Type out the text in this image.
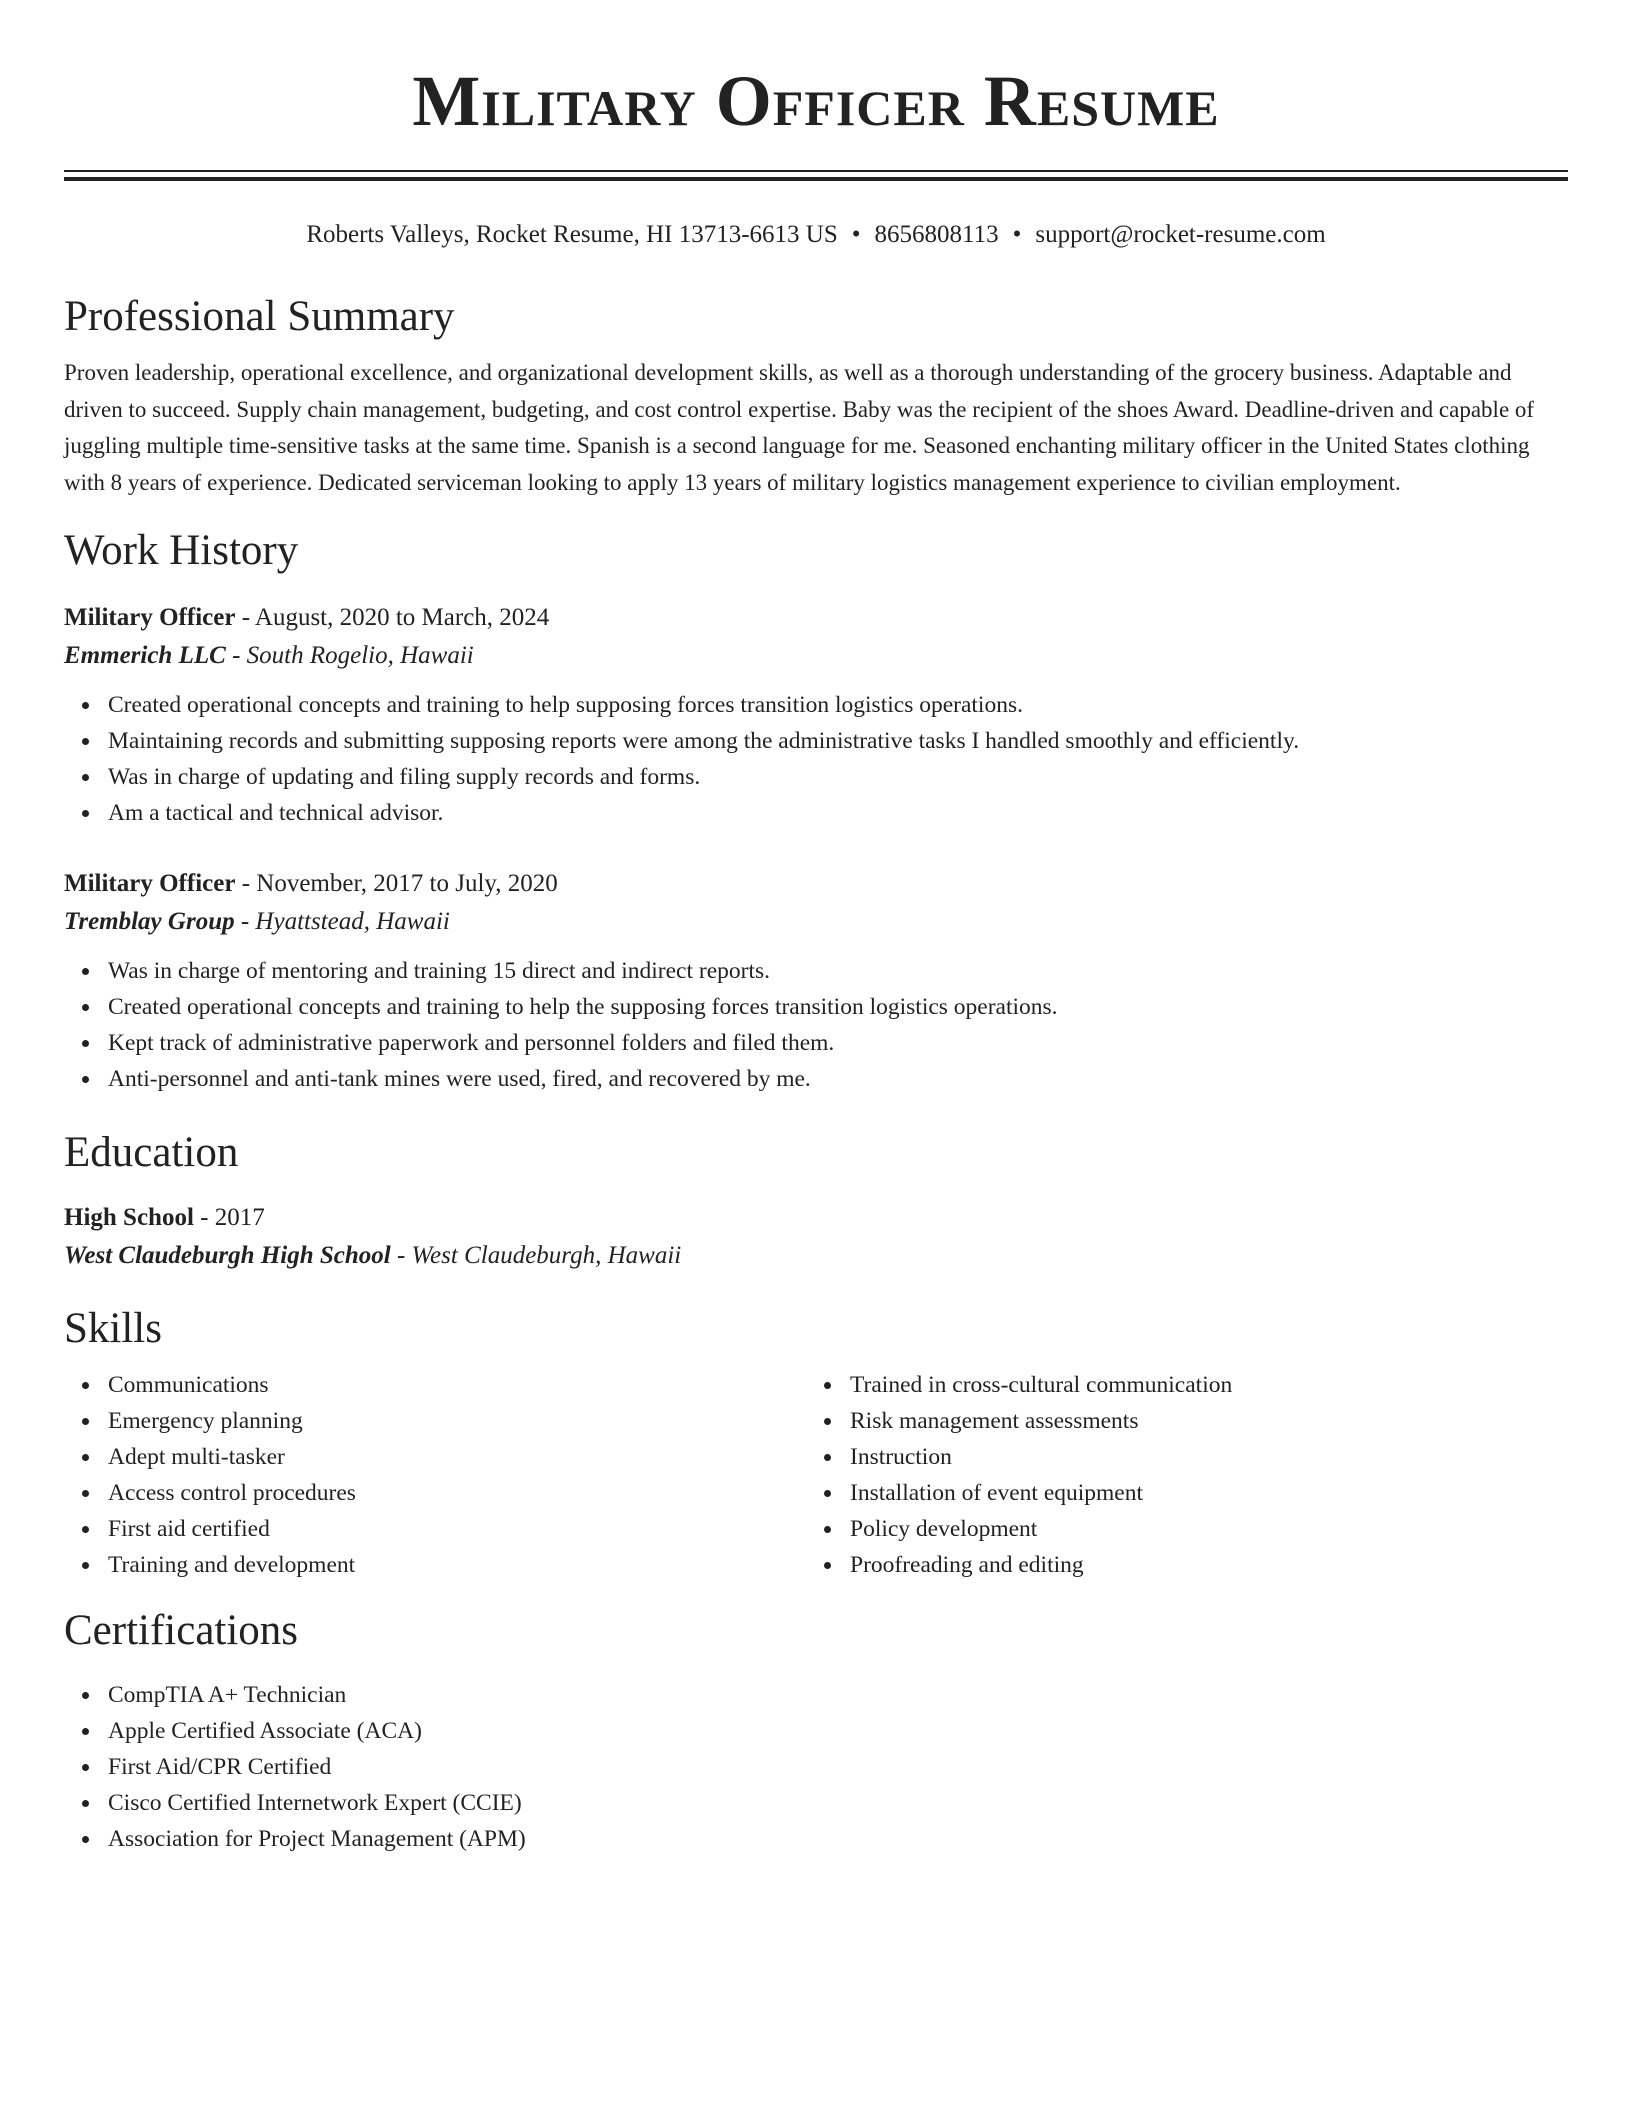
Military Officer Resume
Roberts Valleys, Rocket Resume, HI 13713-6613 US • 8656808113 • support@rocket-resume.com
Professional Summary
Proven leadership, operational excellence, and organizational development skills, as well as a thorough understanding of the grocery business. Adaptable and driven to succeed. Supply chain management, budgeting, and cost control expertise. Baby was the recipient of the shoes Award. Deadline-driven and capable of juggling multiple time-sensitive tasks at the same time. Spanish is a second language for me. Seasoned enchanting military officer in the United States clothing with 8 years of experience. Dedicated serviceman looking to apply 13 years of military logistics management experience to civilian employment.
Work History
Military Officer - August, 2020 to March, 2024
Emmerich LLC - South Rogelio, Hawaii
Created operational concepts and training to help supposing forces transition logistics operations.
Maintaining records and submitting supposing reports were among the administrative tasks I handled smoothly and efficiently.
Was in charge of updating and filing supply records and forms.
Am a tactical and technical advisor.
Military Officer - November, 2017 to July, 2020
Tremblay Group - Hyattstead, Hawaii
Was in charge of mentoring and training 15 direct and indirect reports.
Created operational concepts and training to help the supposing forces transition logistics operations.
Kept track of administrative paperwork and personnel folders and filed them.
Anti-personnel and anti-tank mines were used, fired, and recovered by me.
Education
High School - 2017
West Claudeburgh High School - West Claudeburgh, Hawaii
Skills
Communications
Emergency planning
Adept multi-tasker
Access control procedures
First aid certified
Training and development
Trained in cross-cultural communication
Risk management assessments
Instruction
Installation of event equipment
Policy development
Proofreading and editing
Certifications
CompTIA A+ Technician
Apple Certified Associate (ACA)
First Aid/CPR Certified
Cisco Certified Internetwork Expert (CCIE)
Association for Project Management (APM)
